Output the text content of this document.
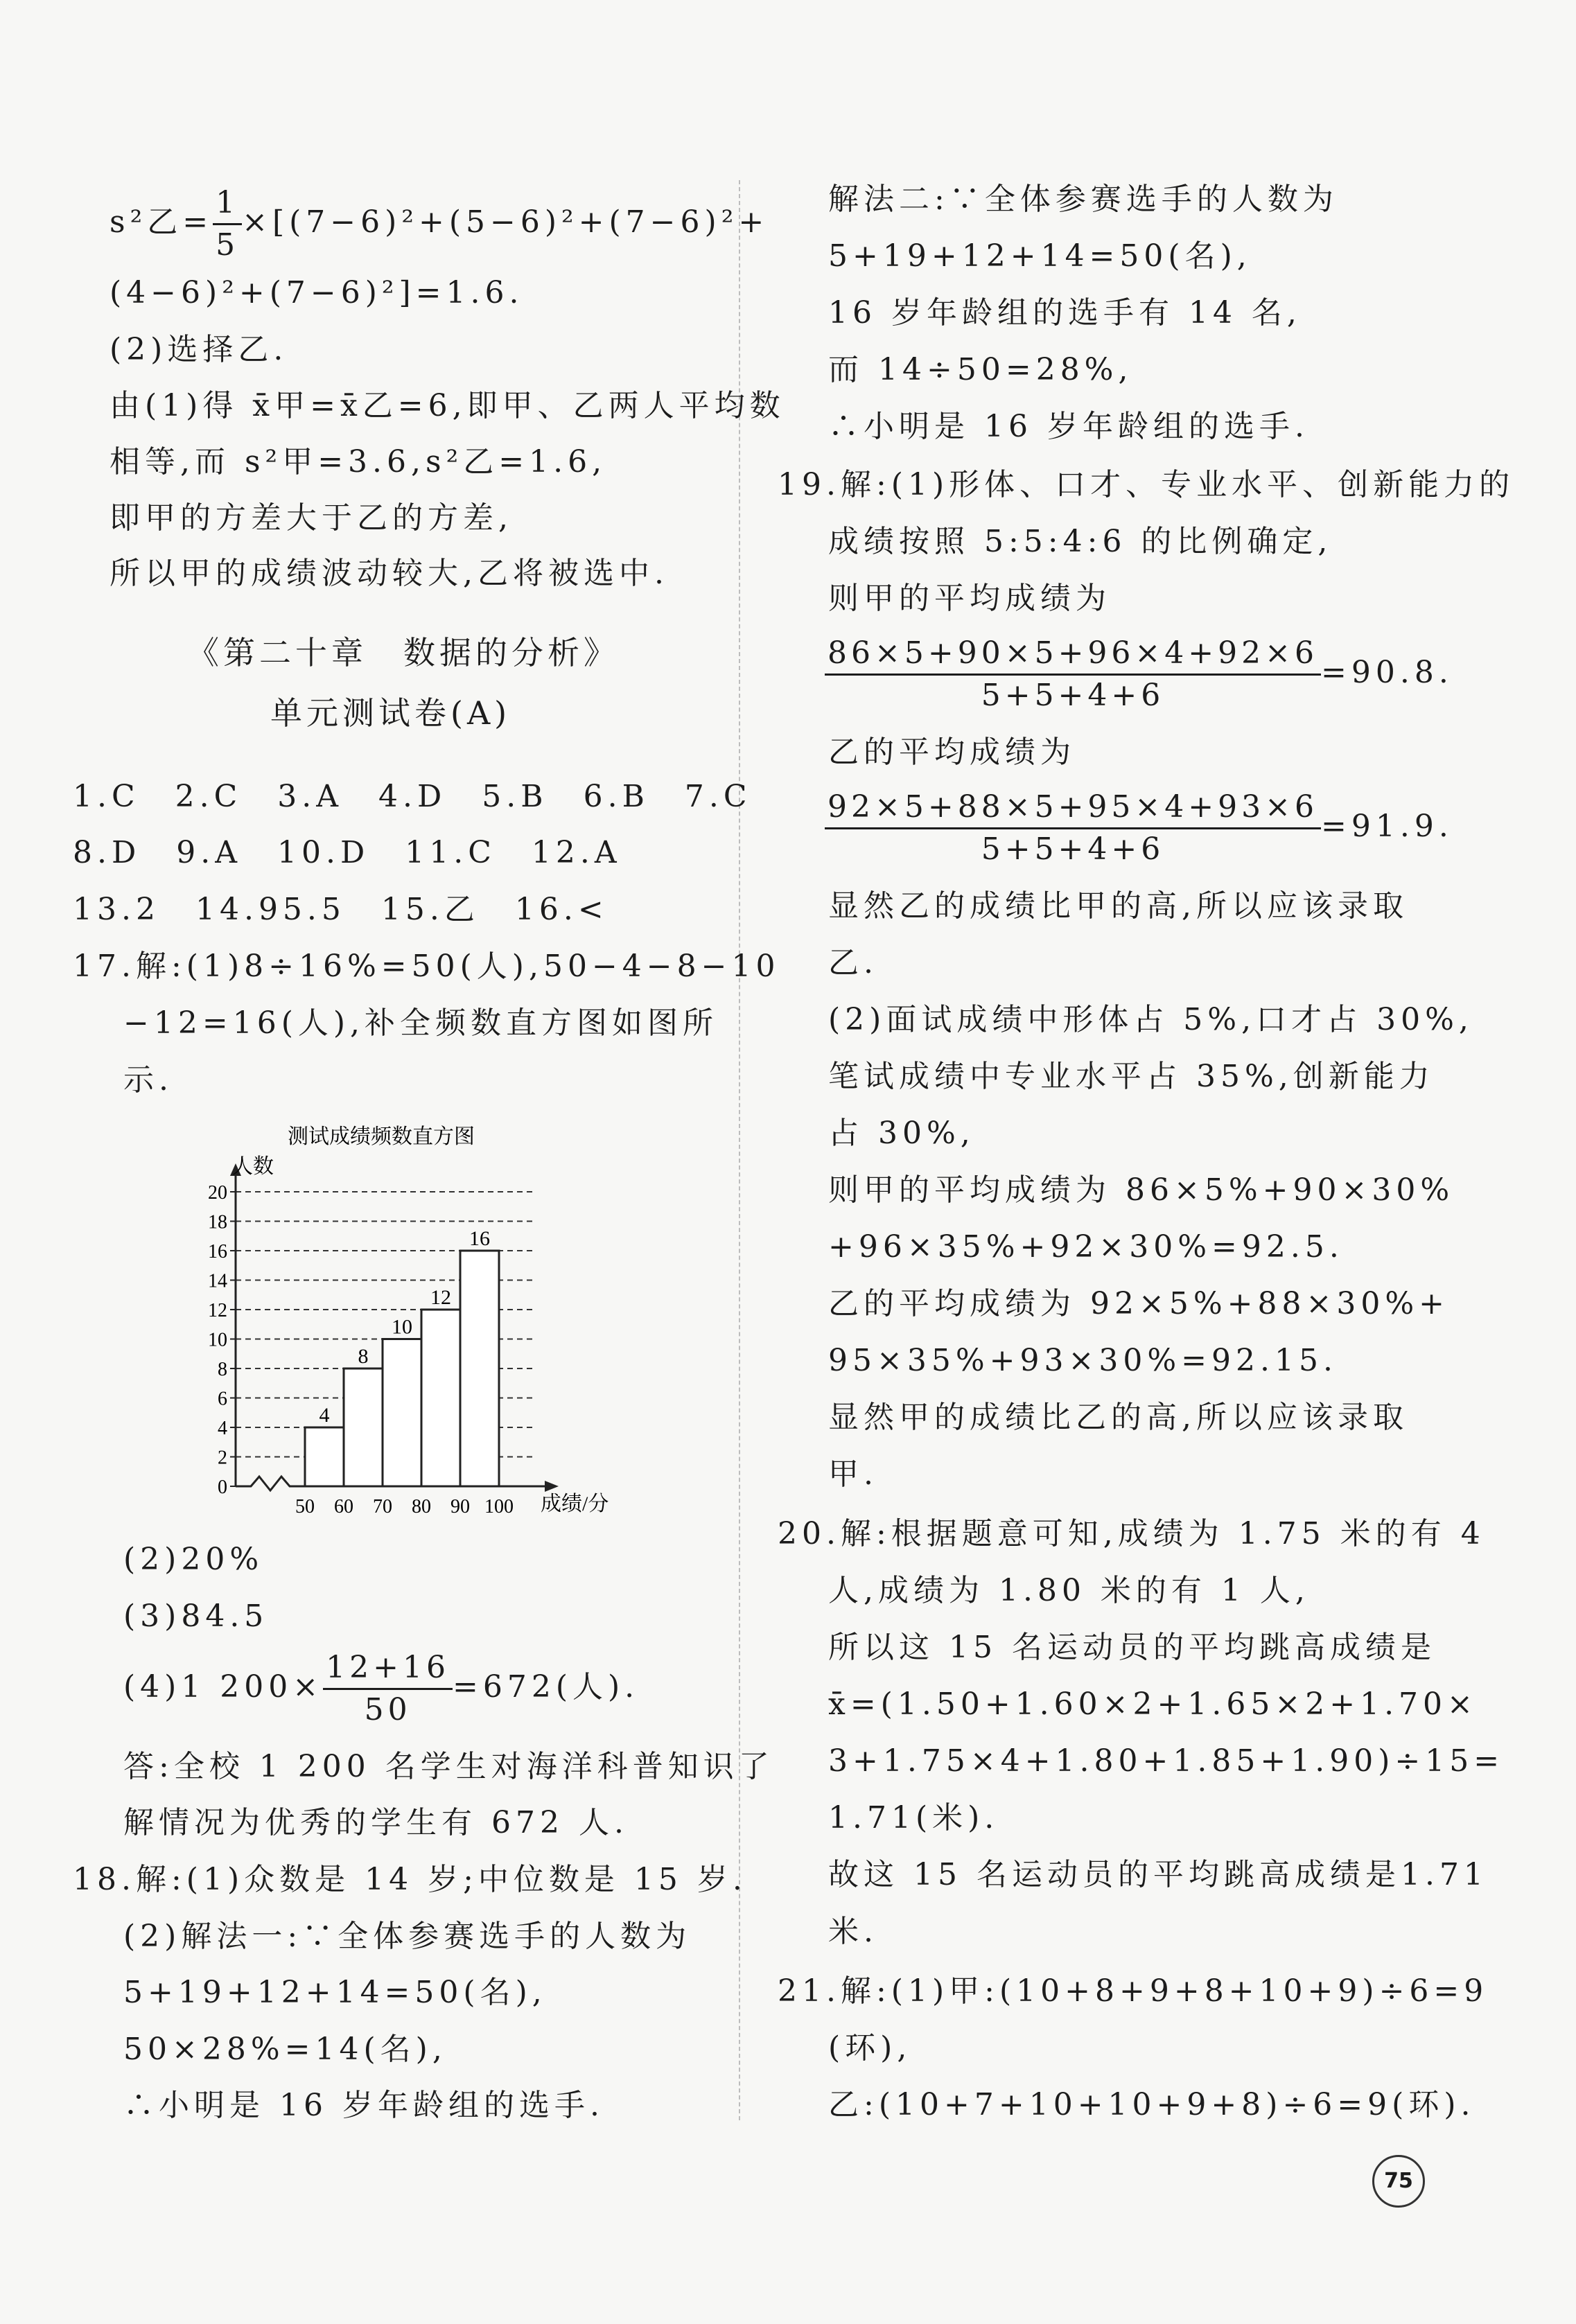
s²乙= $\frac{1}{5} \times[(7-6)^2+(5-6)^2+(7-6)^2+$
(4−6)²+(7−6)²]=1.6.
(2)选择乙.
由(1)得 x̄甲=x̄乙=6,即甲、乙两人平均数
相等,而 s²甲=3.6,s²乙=1.6,
即甲的方差大于乙的方差,
所以甲的成绩波动较大,乙将被选中.
《第二十章　数据的分析》
单元测试卷(A)
1.C　2.C　3.A　4.D　5.B　6.B　7.C
8.D　9.A　10.D　11.C　12.A
13.2　14.95.5　15.乙　16.<
17.解:(1)8÷16%=50(人),50−4−8−10
−12=16(人),补全频数直方图如图所
示.
测试成绩频数直方图
4
8
10
12
16
0
2
4
6
8
10
12
14
16
18
20
50 60 70 80 90 100
人数
成绩/分
(2)20%
(3)84.5
(4)1 $200\times \frac{12+16}{50} =672$(人).
答:全校 1 200 名学生对海洋科普知识了
解情况为优秀的学生有 672 人.
18.解:(1)众数是 14 岁;中位数是 15 岁.
(2)解法一:∵全体参赛选手的人数为
5+19+12+14=50(名),
50×28%=14(名),
∴小明是 16 岁年龄组的选手.
解法二:∵全体参赛选手的人数为
5+19+12+14=50(名),
16 岁年龄组的选手有 14 名,
而 14÷50=28%,
∴小明是 16 岁年龄组的选手.
19.解:(1)形体、口才、专业水平、创新能力的
成绩按照 5:5:4:6 的比例确定,
则甲的平均成绩为
$\frac{86\times 5+90\times 5+96\times 4+92\times 6}{5+5+4+6} =90.8$.
乙的平均成绩为
$\frac{92\times 5+88\times 5+95\times 4+93\times 6}{5+5+4+6} =91.9$.
显然乙的成绩比甲的高,所以应该录取
乙.
(2)面试成绩中形体占 5%,口才占 30%,
笔试成绩中专业水平占 35%,创新能力
占 30%,
则甲的平均成绩为 86×5%+90×30%
+96×35%+92×30%=92.5.
乙的平均成绩为 92×5%+88×30%+
95×35%+93×30%=92.15.
显然甲的成绩比乙的高,所以应该录取
甲.
20.解:根据题意可知,成绩为 1.75 米的有 4
人,成绩为 1.80 米的有 1 人,
所以这 15 名运动员的平均跳高成绩是
x̄=(1.50+1.60×2+1.65×2+1.70×
3+1.75×4+1.80+1.85+1.90)÷15=
1.71(米).
故这 15 名运动员的平均跳高成绩是1.71
米.
21.解:(1)甲:(10+8+9+8+10+9)÷6=9
(环),
乙:(10+7+10+10+9+8)÷6=9(环).
75
